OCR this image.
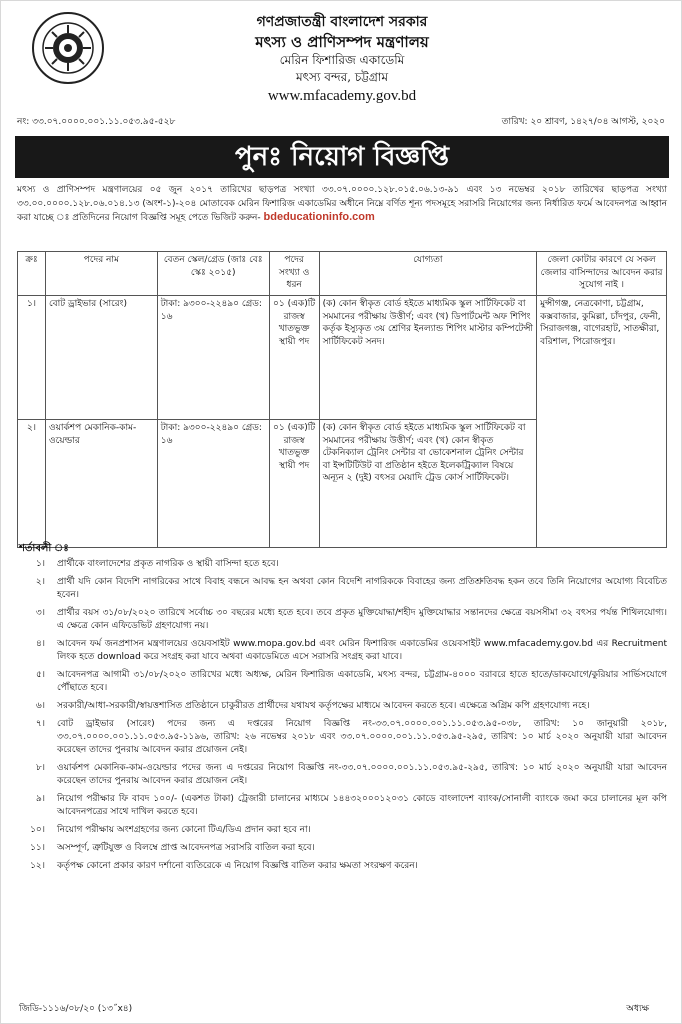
গণপ্রজাতন্ত্রী বাংলাদেশ সরকার
মৎস্য ও প্রাণিসম্পদ মন্ত্রণালয়
মেরিন ফিশারিজ একাডেমি
মৎস্য বন্দর, চট্টগ্রাম
www.mfacademy.gov.bd
নং: ৩৩.০৭.০০০০.০০১.১১.০৫৩.৯৫-৫২৮	তারিখ: ২০ শ্রাবণ, ১৪২৭/০৪ আগস্ট, ২০২০
পুনঃ নিয়োগ বিজ্ঞপ্তি
মৎস্য ও প্রাণিসম্পদ মন্ত্রণালয়ের ০৫ জুন ২০১৭ তারিখের ছাড়পত্র সংখ্যা ৩৩.০৭.০০০০.১২৮.০১৫.০৬.১৩-৯১ এবং ১৩ নভেম্বর ২০১৮ তারিখের ছাড়পত্র সংখ্যা ৩৩.০০.০০০০.১২৮.০৬.০১৪.১৩ (অংশ-১)-২০৪ মোতাবেক মেরিন ফিশারিজ একাডেমির অধীনে নিম্নে বর্ণিত শূন্য পদসমূহে সরাসরি নিয়োগের জন্য নির্ধারিত ফর্মে আবেদনপত্র আহ্বান করা যাচ্ছে ঃ প্রতিদিনের নিয়োগ বিজ্ঞপ্তি সমূহ পেতে ভিজিট করুন- bdeducationinfo.com
ক্রঃ	পদের নাম	বেতন স্কেল/গ্রেড (জাঃ বেঃ স্কেঃ ২০১৫)	পদের সংখ্যা ও ধরন	যোগ্যতা	জেলা কোটার কারণে যে সকল জেলার বাসিন্দাদের আবেদন করার সুযোগ নাই ।
১।	বোট ড্রাইভার (সারেং)	টাকা: ৯৩০০-২২৪৯০ গ্রেড: ১৬	০১ (এক)টি রাজস্ব খাতভুক্ত স্থায়ী পদ	(ক) কোন স্বীকৃত বোর্ড হইতে মাধ্যমিক স্কুল সার্টিফিকেট বা সমমানের পরীক্ষায় উত্তীর্ণ; এবং (খ) ডিপার্টমেন্ট অফ শিপিং কর্তৃক ইস্যুকৃত ৩য় শ্রেণির ইনল্যান্ড শিপিং মাস্টার কম্পিটেন্সী সার্টিফিকেট সনদ।	মুন্সীগঞ্জ, নেত্রকোণা, চট্টগ্রাম, কক্সবাজার, কুমিল্লা, চাঁদপুর, ফেনী, সিরাজগঞ্জ, বাগেরহাট, সাতক্ষীরা, বরিশাল, পিরোজপুর।
২।	ওয়ার্কশপ মেকানিক-কাম-ওয়েল্ডার	টাকা: ৯৩০০-২২৪৯০ গ্রেড: ১৬	০১ (এক)টি রাজস্ব খাতভুক্ত স্থায়ী পদ	(ক) কোন স্বীকৃত বোর্ড হইতে মাধ্যমিক স্কুল সার্টিফিকেট বা সমমানের পরীক্ষায় উত্তীর্ণ; এবং (খ) কোন স্বীকৃত টেকনিক্যাল ট্রেনিং সেন্টার বা ভোকেশনাল ট্রেনিং সেন্টার বা ইন্সটিটিউট বা প্রতিষ্ঠান হইতে ইলেকট্রিক্যাল বিষয়ে অন্যূন ২ (দুই) বৎসর মেয়াদি ট্রেড কোর্স সার্টিফিকেট।	
শর্তাবলী ঃ
১।	প্রার্থীকে বাংলাদেশের প্রকৃত নাগরিক ও স্থায়ী বাসিন্দা হতে হবে।
২।	প্রার্থী যদি কোন বিদেশি নাগরিকের সাথে বিবাহ বন্ধনে আবদ্ধ হন অথবা কোন বিদেশি নাগরিককে বিবাহের জন্য প্রতিশ্রুতিবদ্ধ হকন তবে তিনি নিয়োগের অযোগ্য বিবেচিত হবেন।
৩।	প্রার্থীর বয়স ৩১/০৮/২০২০ তারিখে সর্বোচ্চ ৩০ বছরের মধ্যে হতে হবে। তবে প্রকৃত মুক্তিযোদ্ধা/শহীদ মুক্তিযোদ্ধার সন্তানদের ক্ষেত্রে বয়সসীমা ৩২ বৎসর পর্যন্ত শিথিলযোগ্য। এ ক্ষেত্রে কোন এফিডেভিট গ্রহণযোগ্য নয়।
৪।	আবেদন ফর্ম জনপ্রশাসন মন্ত্রণালয়ের ওয়েবসাইট www.mopa.gov.bd এবং মেরিন ফিশারিজ একাডেমির ওয়েবসাইট www.mfacademy.gov.bd এর Recruitment লিংক হতে download করে সংগ্রহ করা যাবে অথবা একাডেমিতে এসে সরাসরি সংগ্রহ করা যাবে।
৫।	আবেদনপত্র আগামী ৩১/০৮/২০২০ তারিখের মধ্যে অধ্যক্ষ, মেরিন ফিশারিজ একাডেমি, মৎস্য বন্দর, চট্টগ্রাম-৪০০০ বরাবরে হাতে হাতে/ডাকযোগে/কুরিয়ার সার্ভিসযোগে পৌঁছাতে হবে।
৬।	সরকারী/আধা-সরকারী/স্বায়ত্তশাসিত প্রতিষ্ঠানে চাকুরীরত প্রার্থীদের যথাযথ কর্তৃপক্ষের মাধ্যমে আবেদন করতে হবে। এক্ষেত্রে অগ্রিম কপি গ্রহণযোগ্য নহে।
৭।	বোট ড্রাইভার (সারেং) পদের জন্য এ দপ্তরের নিয়োগ বিজ্ঞপ্তি নং-৩৩.০৭.০০০০.০০১.১১.০৫৩.৯৫-০৩৮, তারিখ: ১০ জানুয়ারী ২০১৮, ৩৩.০৭.০০০০.০০১.১১.০৫৩.৯৫-১১৯৬, তারিখ: ২৬ নভেম্বর ২০১৮ এবং ৩৩.০৭.০০০০.০০১.১১.০৫৩.৯৫-২৯৫, তারিখ: ১০ মার্চ ২০২০ অনুযায়ী যারা আবেদন করেছেন তাদের পুনরায় আবেদন করার প্রয়োজন নেই।
৮।	ওয়ার্কশপ মেকানিক-কাম-ওয়েল্ডার পদের জন্য এ দপ্তরের নিয়োগ বিজ্ঞপ্তি নং-৩৩.০৭.০০০০.০০১.১১.০৫৩.৯৫-২৯৫, তারিখ: ১০ মার্চ ২০২০ অনুযায়ী যারা আবেদন করেছেন তাদের পুনরায় আবেদন করার প্রয়োজন নেই।
৯।	নিয়োগ পরীক্ষার ফি বাবদ ১০০/- (একশত টাকা) ট্রেজারী চালানের মাধ্যমে ১৪৪৩২০০০১২০৩১ কোডে বাংলাদেশ ব্যাংক/সোনালী ব্যাংকে জমা করে চালানের মূল কপি আবেদনপত্রের সাথে দাখিল করতে হবে।
১০।	নিয়োগ পরীক্ষায় অংশগ্রহণের জন্য কোনো টিএ/ডিএ প্রদান করা হবে না।
১১।	অসম্পূর্ণ, ত্রুটিযুক্ত ও বিলম্বে প্রাপ্ত আবেদনপত্র সরাসরি বাতিল করা হবে।
১২।	কর্তৃপক্ষ কোনো প্রকার কারণ দর্শানো ব্যতিরেকে এ নিয়োগ বিজ্ঞপ্তি বাতিল করার ক্ষমতা সংরক্ষণ করেন।
জিডি-১১১৬/০৮/২০ (১৩˝x৪)	অধ্যক্ষ
